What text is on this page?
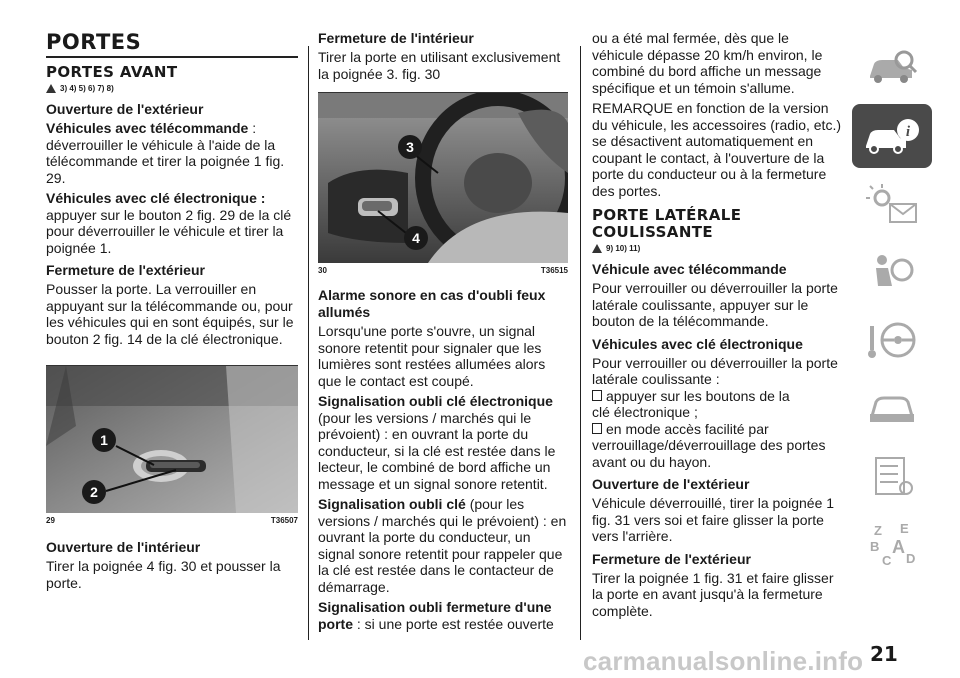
PORTES
PORTES AVANT
3) 4) 5) 6) 7) 8)
Ouverture de l'extérieur

Véhicules avec télécommande : déverrouiller le véhicule à l'aide de la télécommande et tirer la poignée 1 fig. 29.

Véhicules avec clé électronique : appuyer sur le bouton 2 fig. 29 de la clé pour déverrouiller le véhicule et tirer la poignée 1.

Fermeture de l'extérieur

Pousser la porte. La verrouiller en appuyant sur la télécommande ou, pour les véhicules qui en sont équipés, sur le bouton 2 fig. 14 de la clé électronique.

1
2
29	T36507
Ouverture de l'intérieur

Tirer la poignée 4 fig. 30 et pousser la porte.

Fermeture de l'intérieur

Tirer la porte en utilisant exclusivement la poignée 3. fig. 30

3
4
30	T36515
Alarme sonore en cas d'oubli feux allumés

Lorsqu'une porte s'ouvre, un signal sonore retentit pour signaler que les lumières sont restées allumées alors que le contact est coupé.

Signalisation oubli clé électronique (pour les versions / marchés qui le prévoient) : en ouvrant la porte du conducteur, si la clé est restée dans le lecteur, le combiné de bord affiche un message et un signal sonore retentit.

Signalisation oubli clé (pour les versions / marchés qui le prévoient) : en ouvrant la porte du conducteur, un signal sonore retentit pour rappeler que la clé est restée dans le contacteur de démarrage.

Signalisation oubli fermeture d'une porte : si une porte est restée ouverte

ou a été mal fermée, dès que le véhicule dépasse 20 km/h environ, le combiné du bord affiche un message spécifique et un témoin s'allume.

REMARQUE en fonction de la version du véhicule, les accessoires (radio, etc.) se désactivent automatiquement en coupant le contact, à l'ouverture de la porte du conducteur ou à la fermeture des portes.

PORTE LATÉRALE COULISSANTE
9) 10) 11)
Véhicule avec télécommande

Pour verrouiller ou déverrouiller la porte latérale coulissante, appuyer sur le bouton de la télécommande.

Véhicules avec clé électronique

Pour verrouiller ou déverrouiller la porte latérale coulissante :

appuyer sur les boutons de la

clé électronique ;

en mode accès facilité par

verrouillage/déverrouillage des portes avant ou du hayon.

Ouverture de l'extérieur

Véhicule déverrouillé, tirer la poignée 1 fig. 31 vers soi et faire glisser la porte vers l'arrière.

Fermeture de l'extérieur

Tirer la poignée 1 fig. 31 et faire glisser la porte en avant jusqu'à la fermeture complète.

i
Z E
B A
C D
21
carmanualsonline.info
